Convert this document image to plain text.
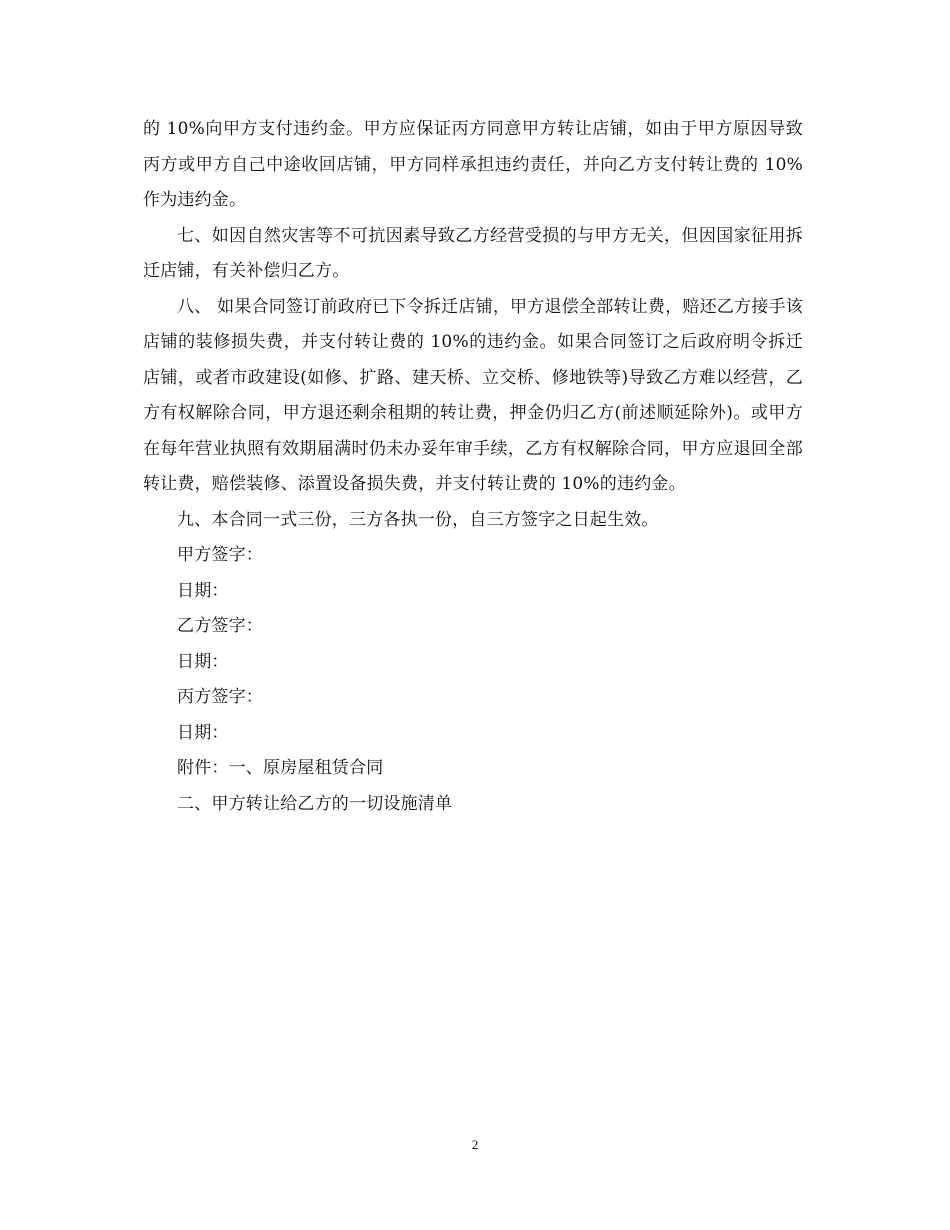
的 10%向甲方支付违约金。甲方应保证丙方同意甲方转让店铺，如由于甲方原因导致丙方或甲方自己中途收回店铺，甲方同样承担违约责任，并向乙方支付转让费的 10%作为违约金。

七、如因自然灾害等不可抗因素导致乙方经营受损的与甲方无关，但因国家征用拆迁店铺，有关补偿归乙方。

八、 如果合同签订前政府已下令拆迁店铺，甲方退偿全部转让费，赔还乙方接手该店铺的装修损失费，并支付转让费的 10%的违约金。如果合同签订之后政府明令拆迁店铺，或者市政建设(如修、扩路、建天桥、立交桥、修地铁等)导致乙方难以经营，乙方有权解除合同，甲方退还剩余租期的转让费，押金仍归乙方(前述顺延除外)。或甲方在每年营业执照有效期届满时仍未办妥年审手续，乙方有权解除合同，甲方应退回全部转让费，赔偿装修、添置设备损失费，并支付转让费的 10%的违约金。

九、本合同一式三份，三方各执一份，自三方签字之日起生效。

甲方签字：

日期：

乙方签字：

日期：

丙方签字：

日期：

附件：一、原房屋租赁合同

二、甲方转让给乙方的一切设施清单

2
